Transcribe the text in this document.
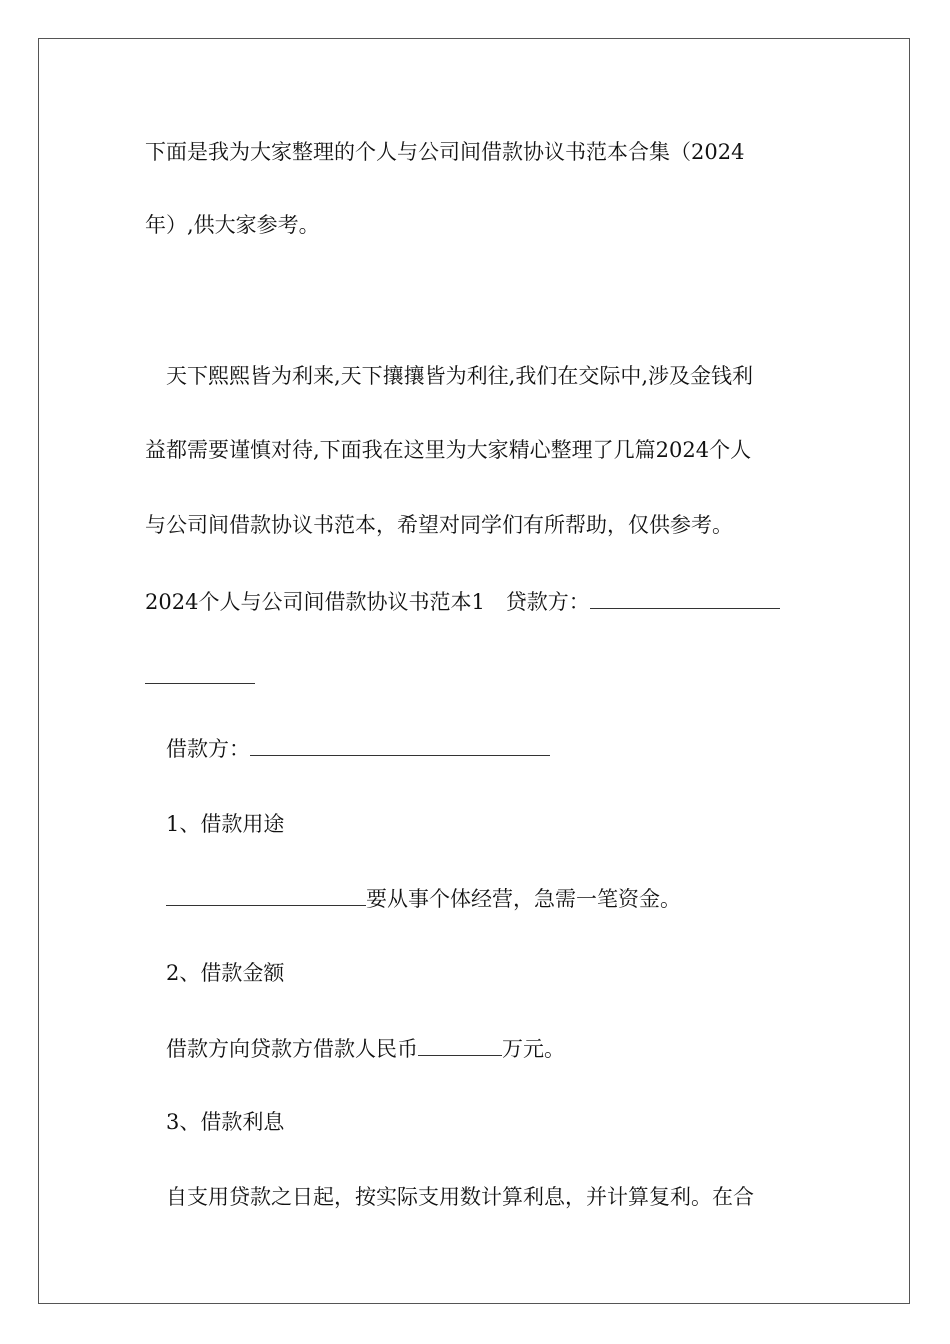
下面是我为大家整理的个人与公司间借款协议书范本合集（2024
年）,供大家参考。
天下熙熙皆为利来,天下攘攘皆为利往,我们在交际中,涉及金钱利
益都需要谨慎对待,下面我在这里为大家精心整理了几篇2024个人
与公司间借款协议书范本，希望对同学们有所帮助，仅供参考。
2024个人与公司间借款协议书范本1　贷款方：
借款方：
1、借款用途
要从事个体经营，急需一笔资金。
2、借款金额
借款方向贷款方借款人民币	万元。
3、借款利息
自支用贷款之日起，按实际支用数计算利息，并计算复利。在合
